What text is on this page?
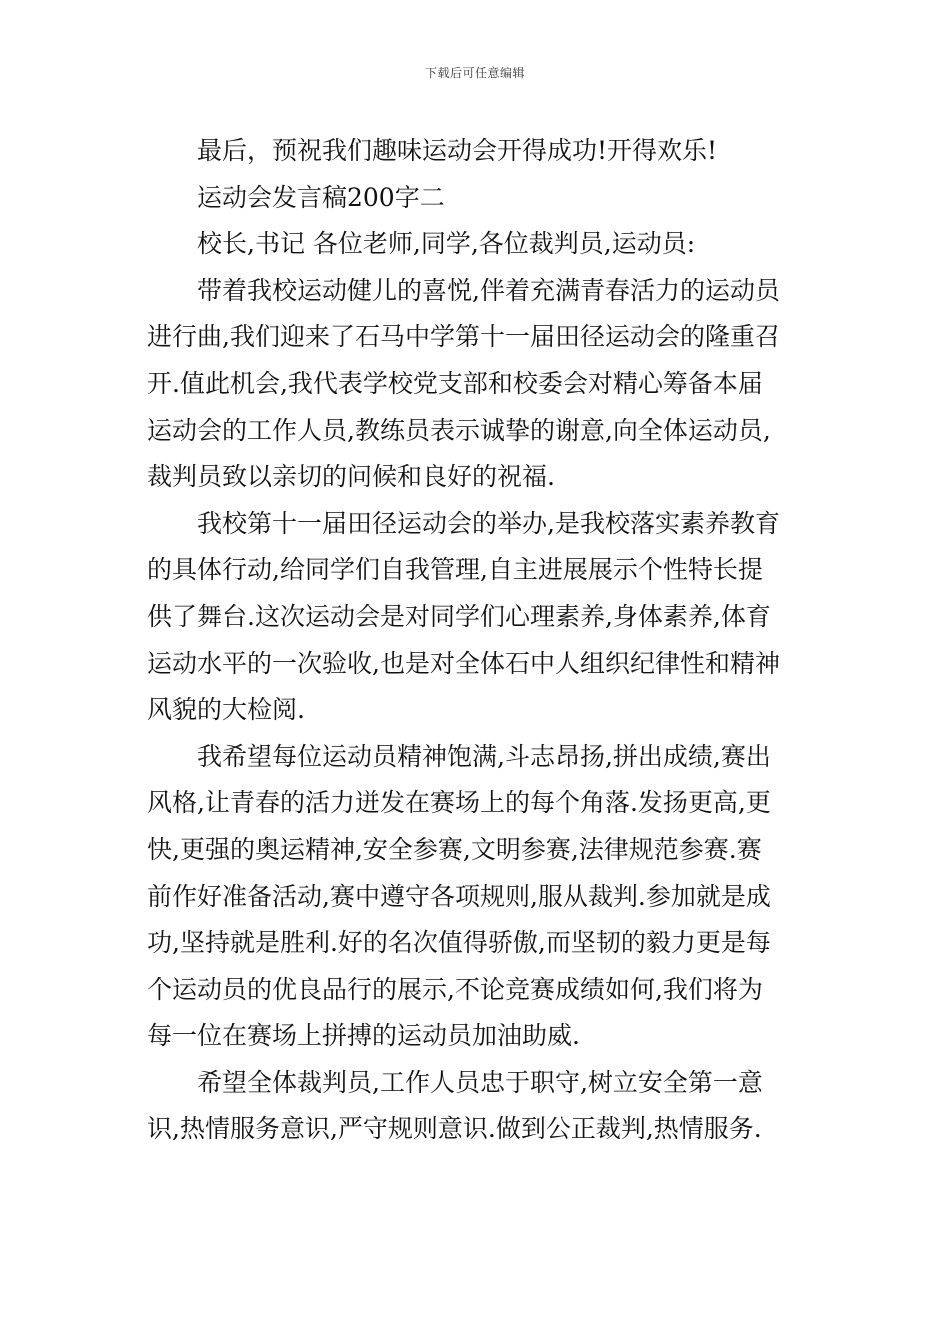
下载后可任意编辑
最后，预祝我们趣味运动会开得成功!开得欢乐!
运动会发言稿200字二
校长,书记 各位老师,同学,各位裁判员,运动员:
带着我校运动健儿的喜悦,伴着充满青春活力的运动员
进行曲,我们迎来了石马中学第十一届田径运动会的隆重召
开.值此机会,我代表学校党支部和校委会对精心筹备本届
运动会的工作人员,教练员表示诚挚的谢意,向全体运动员,
裁判员致以亲切的问候和良好的祝福.
我校第十一届田径运动会的举办,是我校落实素养教育
的具体行动,给同学们自我管理,自主进展展示个性特长提
供了舞台.这次运动会是对同学们心理素养,身体素养,体育
运动水平的一次验收,也是对全体石中人组织纪律性和精神
风貌的大检阅.
我希望每位运动员精神饱满,斗志昂扬,拼出成绩,赛出
风格,让青春的活力迸发在赛场上的每个角落.发扬更高,更
快,更强的奥运精神,安全参赛,文明参赛,法律规范参赛.赛
前作好准备活动,赛中遵守各项规则,服从裁判.参加就是成
功,坚持就是胜利.好的名次值得骄傲,而坚韧的毅力更是每
个运动员的优良品行的展示,不论竞赛成绩如何,我们将为
每一位在赛场上拼搏的运动员加油助威.
希望全体裁判员,工作人员忠于职守,树立安全第一意
识,热情服务意识,严守规则意识.做到公正裁判,热情服务.
